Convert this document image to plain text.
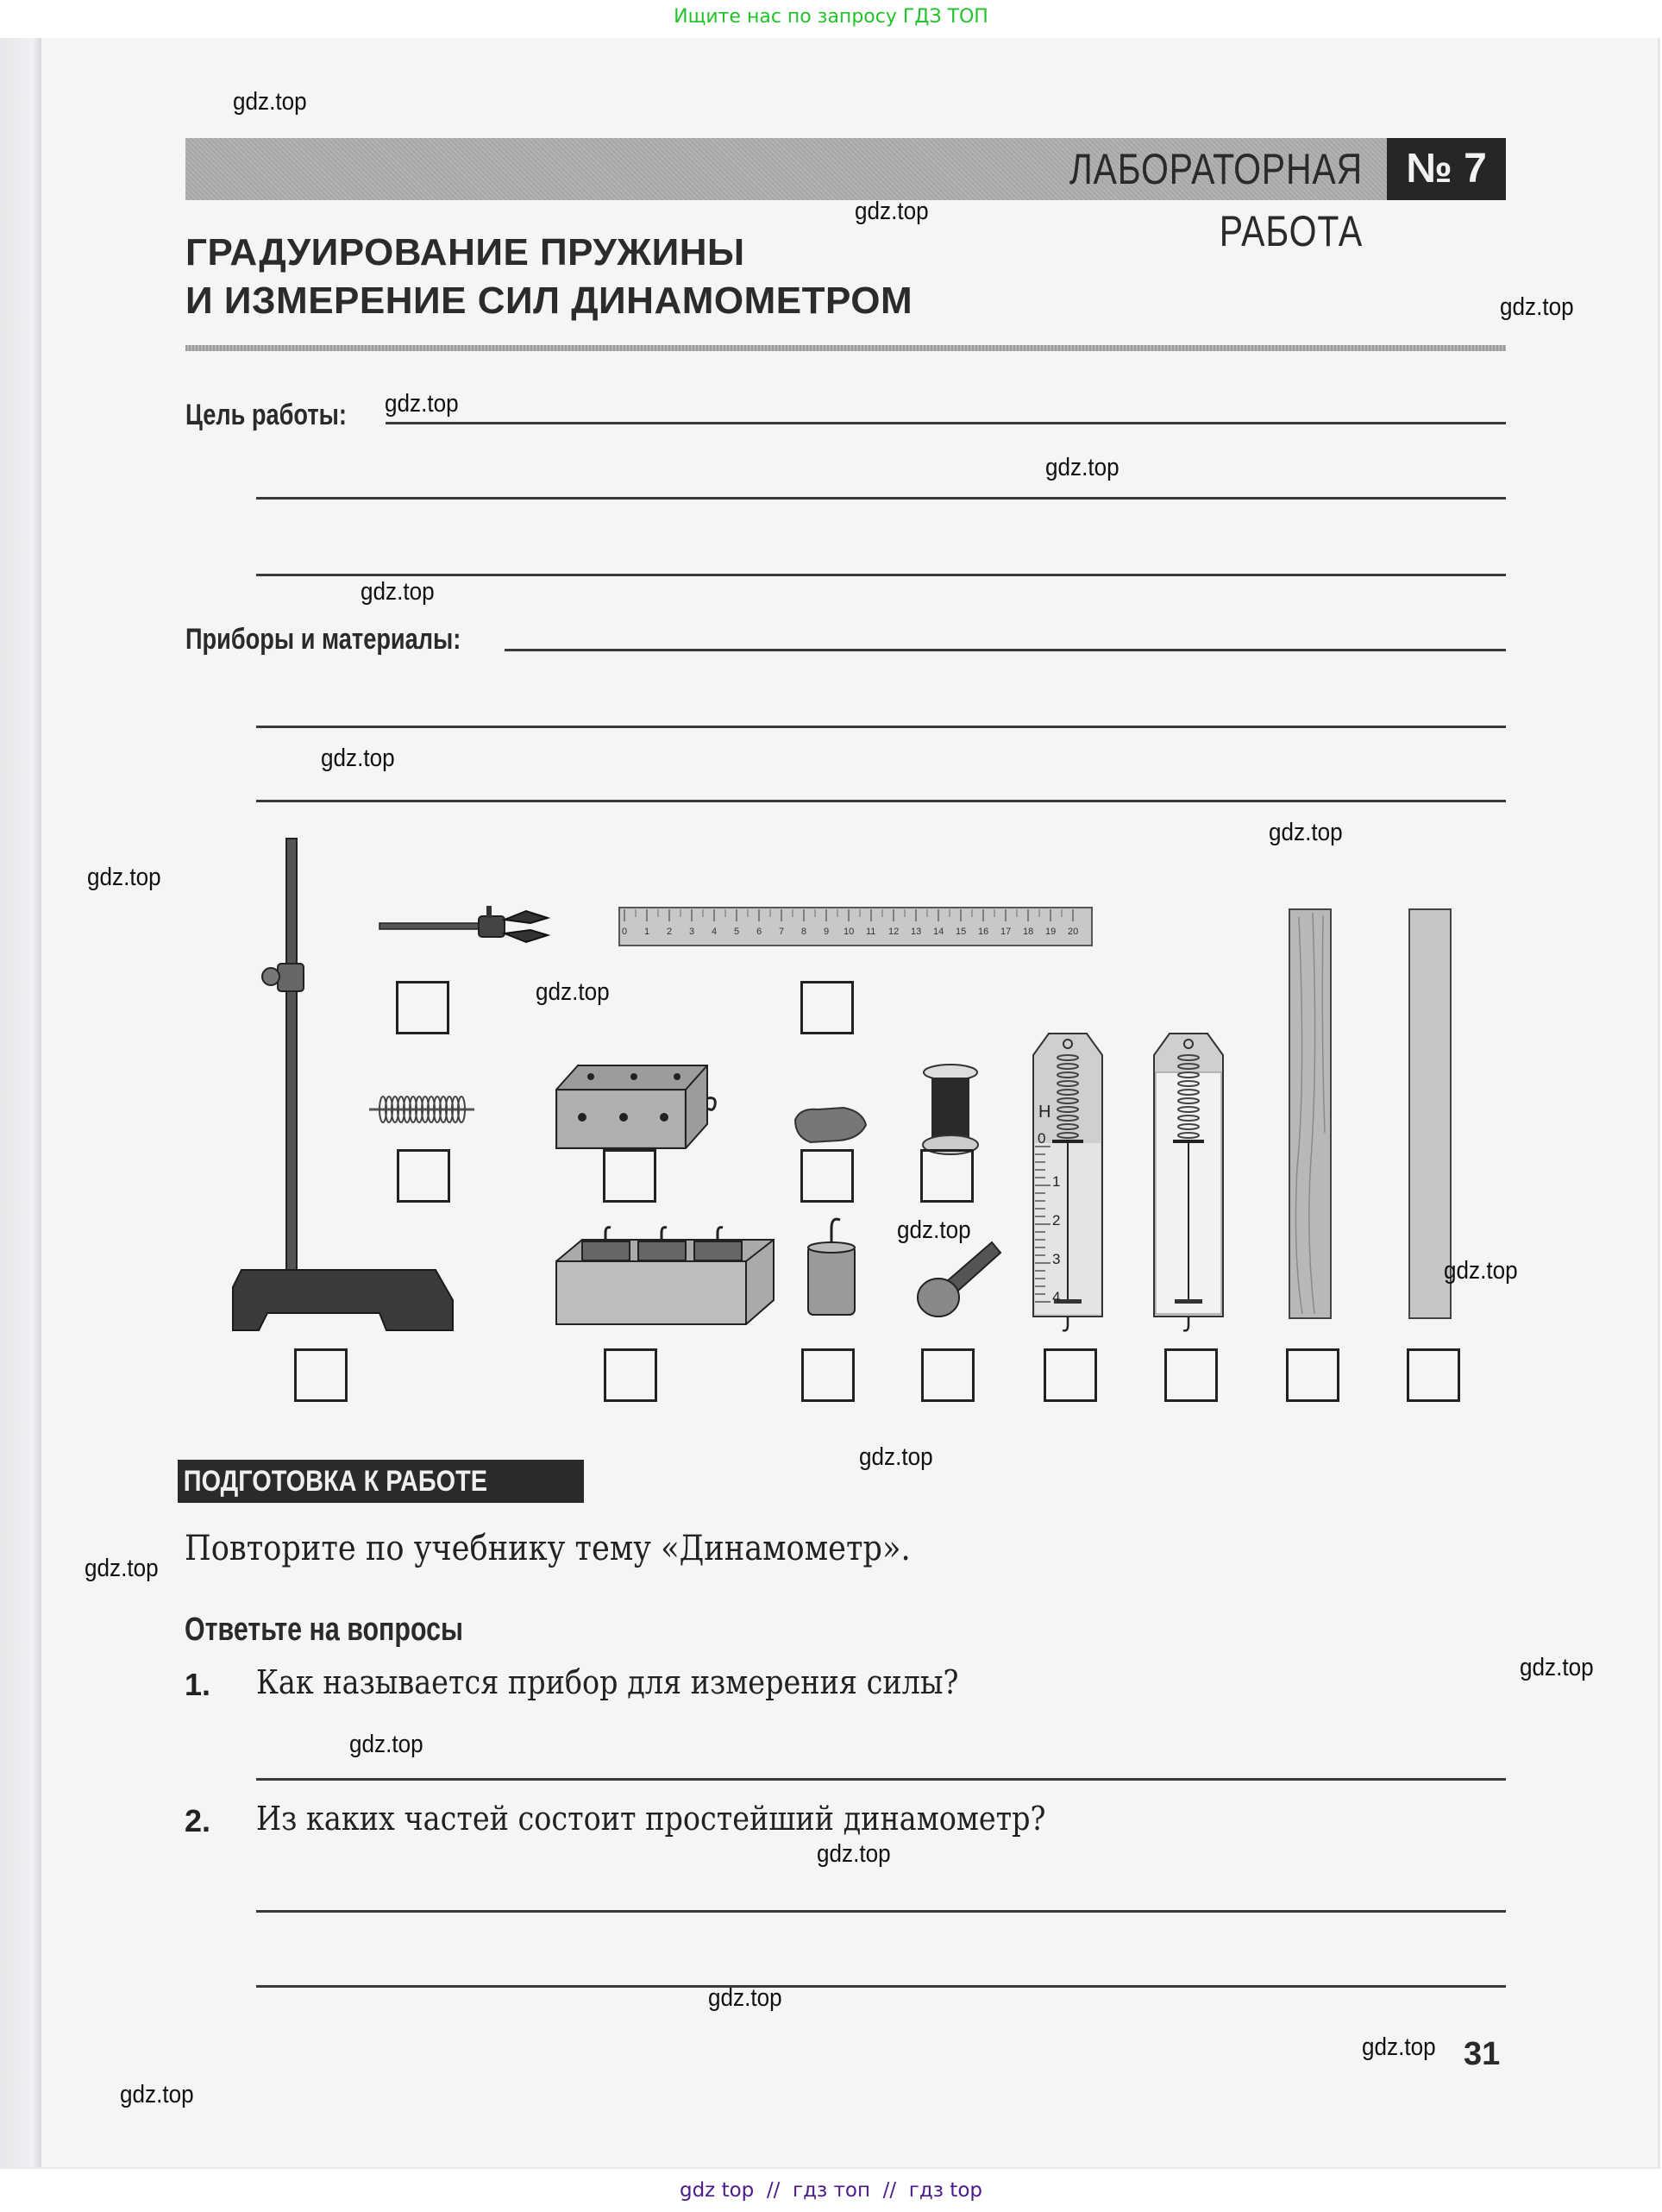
Ищите нас по запросу ГДЗ ТОП
ЛАБОРАТОРНАЯ РАБОТА
№ 7
ГРАДУИРОВАНИЕ ПРУЖИНЫ
И ИЗМЕРЕНИЕ СИЛ ДИНАМОМЕТРОМ
Цель работы:
Приборы и материалы:
0 1 2 3 4 5 6 7 8 9 10 11 12 13 14 15 16 17 18 19 20
Н
0
1
2
3
4
ПОДГОТОВКА К РАБОТЕ
Повторите по учебнику тему «Динамометр».
Ответьте на вопросы
1. Как называется прибор для измерения силы?
2. Из каких частей состоит простейший динамометр?
31
gdz.top
gdz.top
gdz.top
gdz.top
gdz.top
gdz.top
gdz.top
gdz.top
gdz.top
gdz.top
gdz.top
gdz.top
gdz.top
gdz.top
gdz.top
gdz.top
gdz.top
gdz.top
gdz.top
gdz.top
gdz top  //  гдз топ  //  гдз top
